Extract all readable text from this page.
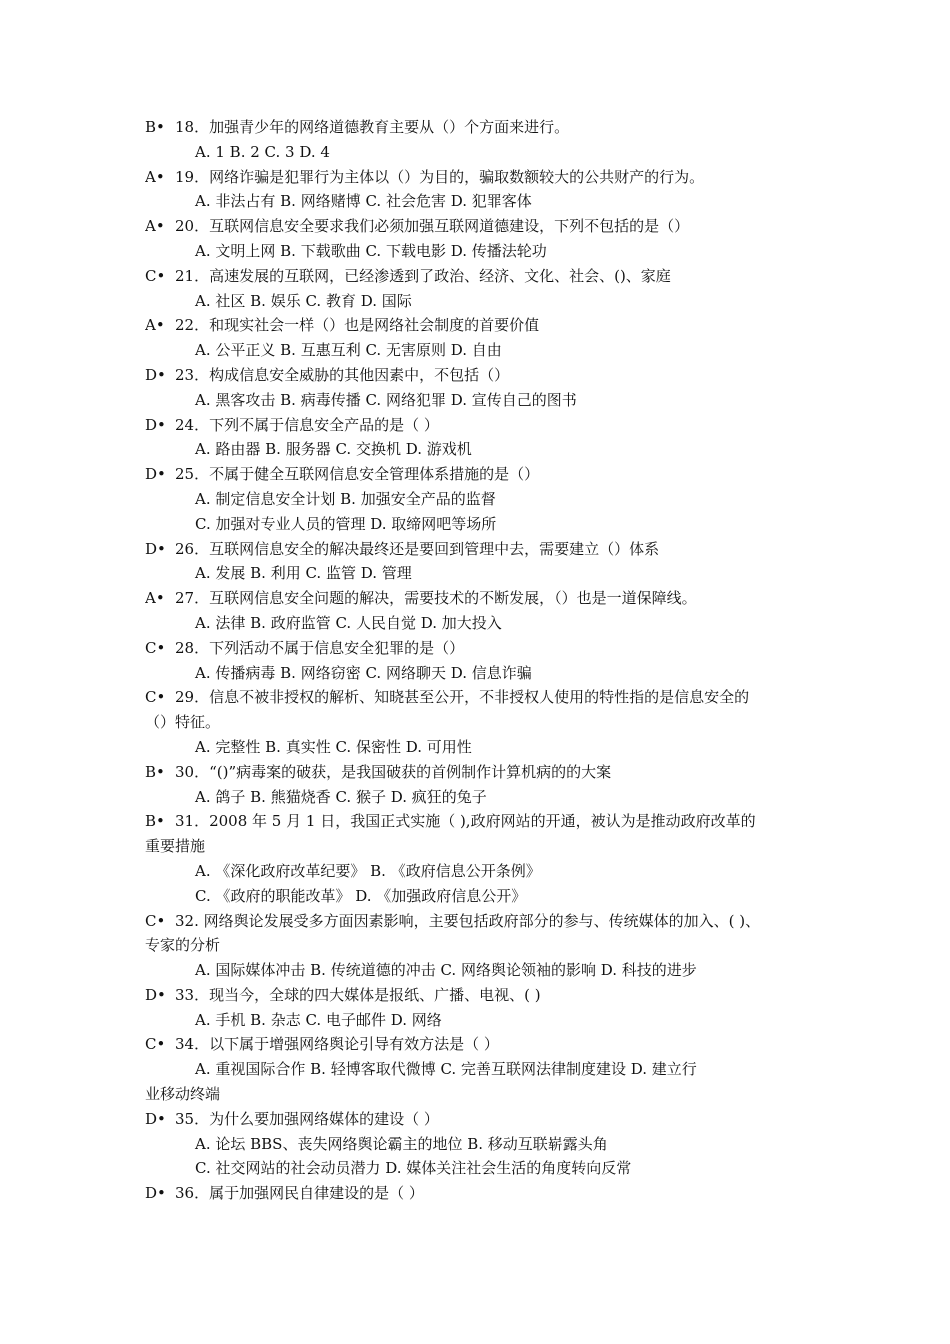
B• 18．加强青少年的网络道德教育主要从（）个方面来进行。
A. 1 B. 2 C. 3 D. 4
A• 19．网络诈骗是犯罪行为主体以（）为目的，骗取数额较大的公共财产的行为。
A. 非法占有 B. 网络赌博 C. 社会危害 D. 犯罪客体
A• 20．互联网信息安全要求我们必须加强互联网道德建设，下列不包括的是（）
A. 文明上网 B. 下载歌曲 C. 下载电影 D. 传播法轮功
C• 21．高速发展的互联网，已经渗透到了政治、经济、文化、社会、()、家庭
A. 社区 B. 娱乐 C. 教育 D. 国际
A• 22．和现实社会一样（）也是网络社会制度的首要价值
A. 公平正义 B. 互惠互利 C. 无害原则 D. 自由
D• 23．构成信息安全威胁的其他因素中，不包括（）
A. 黑客攻击 B. 病毒传播 C. 网络犯罪 D. 宣传自己的图书
D• 24．下列不属于信息安全产品的是（ ）
A. 路由器 B. 服务器 C. 交换机 D. 游戏机
D• 25．不属于健全互联网信息安全管理体系措施的是（）
A. 制定信息安全计划 B. 加强安全产品的监督
C. 加强对专业人员的管理 D. 取缔网吧等场所
D• 26．互联网信息安全的解决最终还是要回到管理中去，需要建立（）体系
A. 发展 B. 利用 C. 监管 D. 管理
A• 27．互联网信息安全问题的解决，需要技术的不断发展，（）也是一道保障线。
A. 法律 B. 政府监管 C. 人民自觉 D. 加大投入
C• 28．下列活动不属于信息安全犯罪的是（）
A. 传播病毒 B. 网络窃密 C. 网络聊天 D. 信息诈骗
C• 29．信息不被非授权的解析、知晓甚至公开，不非授权人使用的特性指的是信息安全的
（）特征。
A. 完整性 B. 真实性 C. 保密性 D. 可用性
B• 30．“()”病毒案的破获，是我国破获的首例制作计算机病的的大案
A. 鸽子 B. 熊猫烧香 C. 猴子 D. 疯狂的兔子
B• 31．2008 年 5 月 1 日，我国正式实施（ ),政府网站的开通，被认为是推动政府改革的
重要措施
A. 《深化政府改革纪要》 B. 《政府信息公开条例》
C. 《政府的职能改革》 D. 《加强政府信息公开》
C• 32. 网络舆论发展受多方面因素影响，主要包括政府部分的参与、传统媒体的加入、( )、
专家的分析
A. 国际媒体冲击 B. 传统道德的冲击 C. 网络舆论领袖的影响 D. 科技的进步
D• 33．现当今，全球的四大媒体是报纸、广播、电视、( )
A. 手机 B. 杂志 C. 电子邮件 D. 网络
C• 34．以下属于增强网络舆论引导有效方法是（ ）
A. 重视国际合作 B. 轻博客取代微博 C. 完善互联网法律制度建设 D. 建立行
业移动终端
D• 35．为什么要加强网络媒体的建设（ ）
A. 论坛 BBS、丧失网络舆论霸主的地位 B. 移动互联崭露头角
C. 社交网站的社会动员潜力 D. 媒体关注社会生活的角度转向反常
D• 36．属于加强网民自律建设的是（ ）
